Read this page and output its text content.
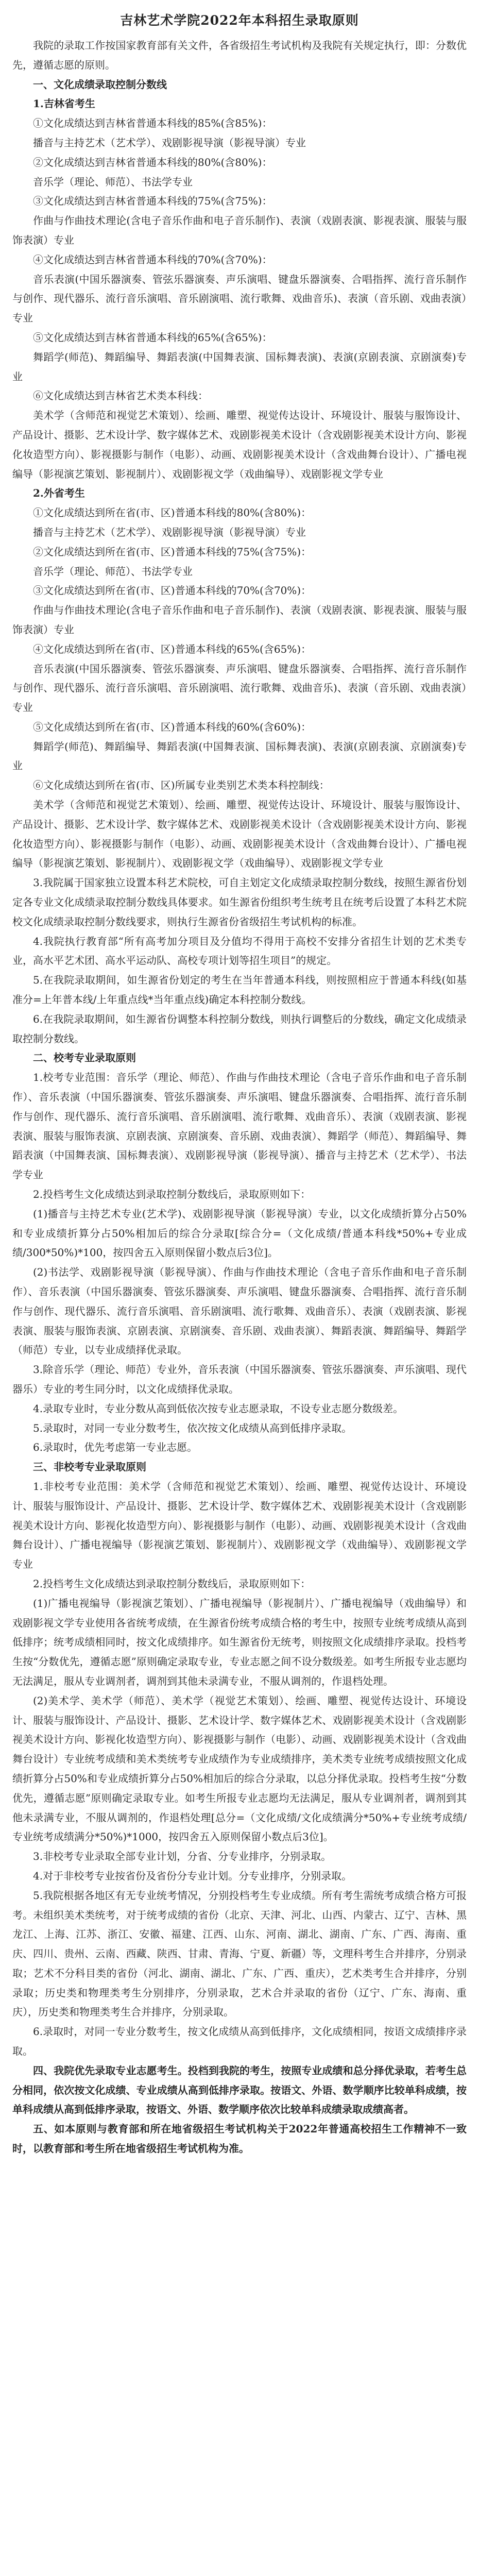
吉林艺术学院2022年本科招生录取原则

我院的录取工作按国家教育部有关文件，各省级招生考试机构及我院有关规定执行，即：分数优先，遵循志愿的原则。

一、文化成绩录取控制分数线

1.吉林省考生

①文化成绩达到吉林省普通本科线的85%(含85%)：

播音与主持艺术（艺术学）、戏剧影视导演（影视导演）专业

②文化成绩达到吉林省普通本科线的80%(含80%)：

音乐学（理论、师范）、书法学专业

③文化成绩达到吉林省普通本科线的75%(含75%)：

作曲与作曲技术理论(含电子音乐作曲和电子音乐制作)、表演（戏剧表演、影视表演、服装与服饰表演）专业

④文化成绩达到吉林省普通本科线的70%(含70%)：

音乐表演(中国乐器演奏、管弦乐器演奏、声乐演唱、键盘乐器演奏、合唱指挥、流行音乐制作与创作、现代器乐、流行音乐演唱、音乐剧演唱、流行歌舞、戏曲音乐)、表演（音乐剧、戏曲表演）专业

⑤文化成绩达到吉林省普通本科线的65%(含65%)：

舞蹈学(师范)、舞蹈编导、舞蹈表演(中国舞表演、国标舞表演)、表演(京剧表演、京剧演奏)专业

⑥文化成绩达到吉林省艺术类本科线：

美术学（含师范和视觉艺术策划）、绘画、雕塑、视觉传达设计、环境设计、服装与服饰设计、产品设计、摄影、艺术设计学、数字媒体艺术、戏剧影视美术设计（含戏剧影视美术设计方向、影视化妆造型方向）、影视摄影与制作（电影）、动画、戏剧影视美术设计（含戏曲舞台设计）、广播电视编导（影视演艺策划、影视制片）、戏剧影视文学（戏曲编导）、戏剧影视文学专业

2.外省考生

①文化成绩达到所在省(市、区)普通本科线的80%(含80%)：

播音与主持艺术（艺术学）、戏剧影视导演（影视导演）专业

②文化成绩达到所在省(市、区)普通本科线的75%(含75%)：

音乐学（理论、师范）、书法学专业

③文化成绩达到所在省(市、区)普通本科线的70%(含70%)：

作曲与作曲技术理论(含电子音乐作曲和电子音乐制作)、表演（戏剧表演、影视表演、服装与服饰表演）专业

④文化成绩达到所在省(市、区)普通本科线的65%(含65%)：

音乐表演(中国乐器演奏、管弦乐器演奏、声乐演唱、键盘乐器演奏、合唱指挥、流行音乐制作与创作、现代器乐、流行音乐演唱、音乐剧演唱、流行歌舞、戏曲音乐)、表演（音乐剧、戏曲表演）专业

⑤文化成绩达到所在省(市、区)普通本科线的60%(含60%)：

舞蹈学(师范)、舞蹈编导、舞蹈表演(中国舞表演、国标舞表演)、表演(京剧表演、京剧演奏)专业

⑥文化成绩达到所在省(市、区)所属专业类别艺术类本科控制线：

美术学（含师范和视觉艺术策划）、绘画、雕塑、视觉传达设计、环境设计、服装与服饰设计、产品设计、摄影、艺术设计学、数字媒体艺术、戏剧影视美术设计（含戏剧影视美术设计方向、影视化妆造型方向）、影视摄影与制作（电影）、动画、戏剧影视美术设计（含戏曲舞台设计）、广播电视编导（影视演艺策划、影视制片）、戏剧影视文学（戏曲编导）、戏剧影视文学专业

3.我院属于国家独立设置本科艺术院校，可自主划定文化成绩录取控制分数线，按照生源省份划定各专业文化成绩录取控制分数线具体要求。如生源省份组织考生统考且在统考后设置了本科艺术院校文化成绩录取控制分数线要求，则执行生源省份省级招生考试机构的标准。

4.我院执行教育部“所有高考加分项目及分值均不得用于高校不安排分省招生计划的艺术类专业，高水平艺术团、高水平运动队、高校专项计划等招生项目”的规定。

5.在我院录取期间，如生源省份划定的考生在当年普通本科线，则按照相应于普通本科线(如基准分=上年普本线/上年重点线*当年重点线)确定本科控制分数线。

6.在我院录取期间，如生源省份调整本科控制分数线，则执行调整后的分数线，确定文化成绩录取控制分数线。

二、校考专业录取原则

1.校考专业范围：音乐学（理论、师范）、作曲与作曲技术理论（含电子音乐作曲和电子音乐制作）、音乐表演（中国乐器演奏、管弦乐器演奏、声乐演唱、键盘乐器演奏、合唱指挥、流行音乐制作与创作、现代器乐、流行音乐演唱、音乐剧演唱、流行歌舞、戏曲音乐）、表演（戏剧表演、影视表演、服装与服饰表演、京剧表演、京剧演奏、音乐剧、戏曲表演）、舞蹈学（师范）、舞蹈编导、舞蹈表演（中国舞表演、国标舞表演）、戏剧影视导演（影视导演）、播音与主持艺术（艺术学）、书法学专业

2.投档考生文化成绩达到录取控制分数线后，录取原则如下：

(1)播音与主持艺术专业(艺术学)、戏剧影视导演（影视导演）专业，以文化成绩折算分占50%和专业成绩折算分占50%相加后的综合分录取[综合分=（文化成绩/普通本科线*50%+专业成绩/300*50%)*100，按四舍五入原则保留小数点后3位]。

(2)书法学、戏剧影视导演（影视导演）、作曲与作曲技术理论（含电子音乐作曲和电子音乐制作）、音乐表演（中国乐器演奏、管弦乐器演奏、声乐演唱、键盘乐器演奏、合唱指挥、流行音乐制作与创作、现代器乐、流行音乐演唱、音乐剧演唱、流行歌舞、戏曲音乐）、表演（戏剧表演、影视表演、服装与服饰表演、京剧表演、京剧演奏、音乐剧、戏曲表演）、舞蹈表演、舞蹈编导、舞蹈学（师范）专业，以专业成绩择优录取。

3.除音乐学（理论、师范）专业外，音乐表演（中国乐器演奏、管弦乐器演奏、声乐演唱、现代器乐）专业的考生同分时，以文化成绩择优录取。

4.录取专业时，专业分数从高到低依次按专业志愿录取，不设专业志愿分数级差。

5.录取时，对同一专业分数考生，依次按文化成绩从高到低排序录取。

6.录取时，优先考虑第一专业志愿。

三、非校考专业录取原则

1.非校考专业范围：美术学（含师范和视觉艺术策划）、绘画、雕塑、视觉传达设计、环境设计、服装与服饰设计、产品设计、摄影、艺术设计学、数字媒体艺术、戏剧影视美术设计（含戏剧影视美术设计方向、影视化妆造型方向）、影视摄影与制作（电影）、动画、戏剧影视美术设计（含戏曲舞台设计）、广播电视编导（影视演艺策划、影视制片）、戏剧影视文学（戏曲编导）、戏剧影视文学专业

2.投档考生文化成绩达到录取控制分数线后，录取原则如下：

(1)广播电视编导（影视演艺策划）、广播电视编导（影视制片）、广播电视编导（戏曲编导）和戏剧影视文学专业使用各省统考成绩，在生源省份统考成绩合格的考生中，按照专业统考成绩从高到低排序；统考成绩相同时，按文化成绩排序。如生源省份无统考，则按照文化成绩排序录取。投档考生按“分数优先，遵循志愿”原则确定录取专业，专业志愿之间不设分数级差。如考生所报专业志愿均无法满足，服从专业调剂者，调剂到其他未录满专业，不服从调剂的，作退档处理。

(2)美术学、美术学（师范）、美术学（视觉艺术策划）、绘画、雕塑、视觉传达设计、环境设计、服装与服饰设计、产品设计、摄影、艺术设计学、数字媒体艺术、戏剧影视美术设计（含戏剧影视美术设计方向、影视化妆造型方向）、影视摄影与制作（电影）、动画、戏剧影视美术设计（含戏曲舞台设计）专业统考成绩和美术类统考专业成绩作为专业成绩排序，美术类专业统考成绩按照文化成绩折算分占50%和专业成绩折算分占50%相加后的综合分录取，以总分择优录取。投档考生按“分数优先，遵循志愿”原则确定录取专业。如考生所报专业志愿均无法满足，服从专业调剂者，调剂到其他未录满专业，不服从调剂的，作退档处理[总分=（文化成绩/文化成绩满分*50%+专业统考成绩/专业统考成绩满分*50%)*1000，按四舍五入原则保留小数点后3位]。

3.非校考专业录取全部专业计划，分省、分专业排序，分别录取。

4.对于非校考专业按省份及省份分专业计划。分专业排序，分别录取。

5.我院根据各地区有无专业统考情况，分别投档考生专业成绩。所有考生需统考成绩合格方可报考。未组织美术类统考，对于统考成绩的省份（北京、天津、河北、山西、内蒙古、辽宁、吉林、黑龙江、上海、江苏、浙江、安徽、福建、江西、山东、河南、湖北、湖南、广东、广西、海南、重庆、四川、贵州、云南、西藏、陕西、甘肃、青海、宁夏、新疆）等，文理科考生合并排序，分别录取；艺术不分科目类的省份（河北、湖南、湖北、广东、广西、重庆），艺术类考生合并排序，分别录取；历史类和物理类考生分别排序，分别录取，艺术合并录取的省份（辽宁、广东、海南、重庆），历史类和物理类考生合并排序，分别录取。

6.录取时，对同一专业分数考生，按文化成绩从高到低排序，文化成绩相同，按语文成绩排序录取。

四、我院优先录取专业志愿考生。投档到我院的考生，按照专业成绩和总分择优录取，若考生总分相同，依次按文化成绩、专业成绩从高到低排序录取。按语文、外语、数学顺序比较单科成绩，按单科成绩从高到低排序录取，按语文、外语、数学顺序依次比较单科成绩录取成绩高者。

五、如本原则与教育部和所在地省级招生考试机构关于2022年普通高校招生工作精神不一致时，以教育部和考生所在地省级招生考试机构为准。
